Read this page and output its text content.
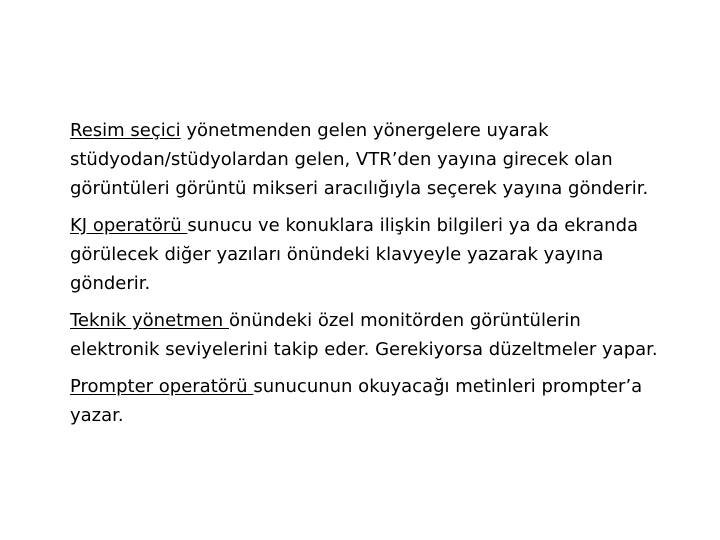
Resim seçici yönetmenden gelen yönergelere uyarak stüdyodan/stüdyolardan gelen, VTR’den yayına girecek olan görüntüleri görüntü mikseri aracılığıyla seçerek yayına gönderir.

KJ operatörü sunucu ve konuklara ilişkin bilgileri ya da ekranda görülecek diğer yazıları önündeki klavyeyle yazarak yayına gönderir.

Teknik yönetmen önündeki özel monitörden görüntülerin elektronik seviyelerini takip eder. Gerekiyorsa düzeltmeler yapar.

Prompter operatörü sunucunun okuyacağı metinleri prompter’a yazar.
